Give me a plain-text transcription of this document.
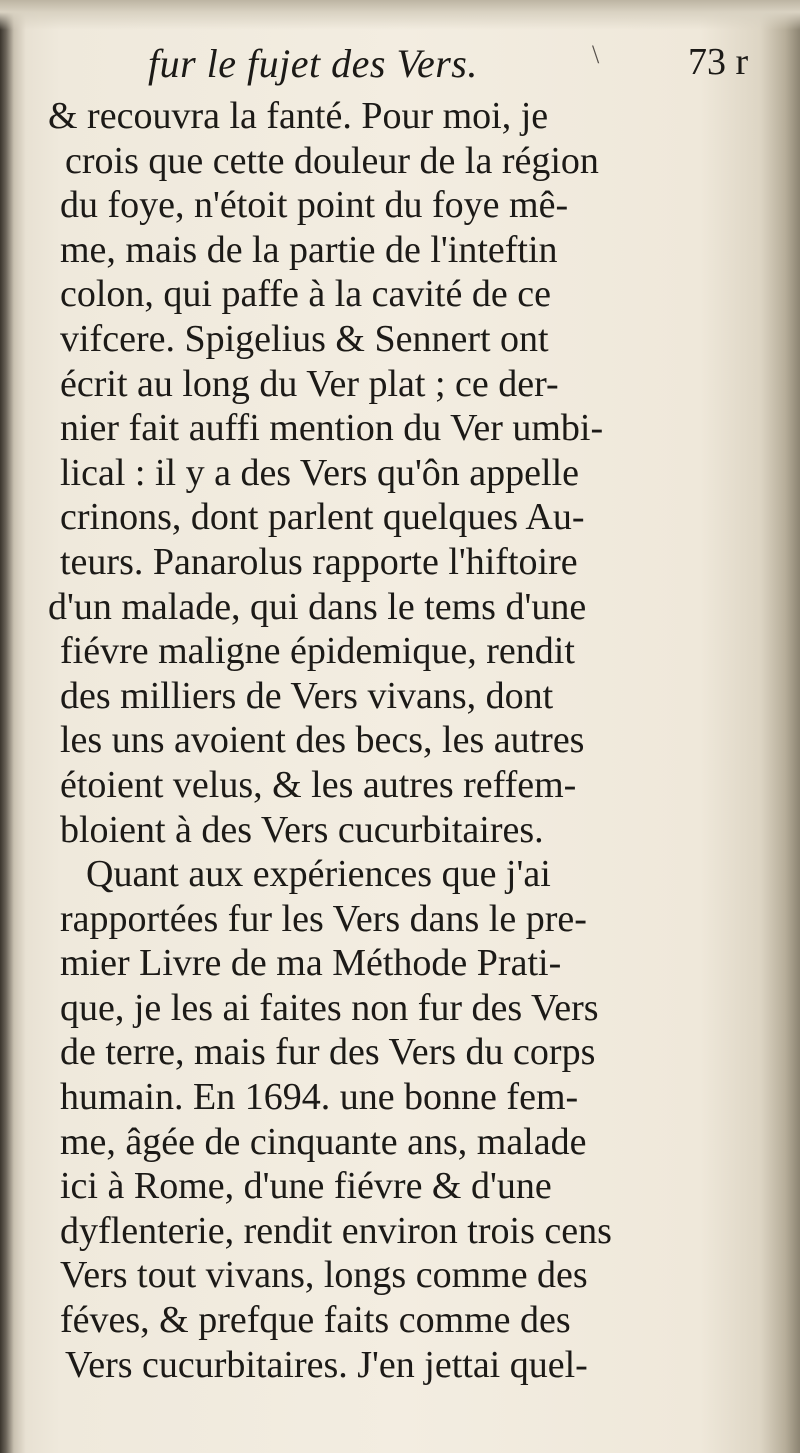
fur le fujet des Vers.	\ 73 r
& recouvra la fanté. Pour moi, je
crois que cette douleur de la région
du foye, n'étoit point du foye mê-
me, mais de la partie de l'inteftin
colon, qui paffe à la cavité de ce
vifcere. Spigelius & Sennert ont
écrit au long du Ver plat ; ce der-
nier fait auffi mention du Ver umbi-
lical : il y a des Vers qu'ôn appelle
crinons, dont parlent quelques Au-
teurs. Panarolus rapporte l'hiftoire
d'un malade, qui dans le tems d'une
fiévre maligne épidemique, rendit
des milliers de Vers vivans, dont
les uns avoient des becs, les autres
étoient velus, & les autres reffem-
bloient à des Vers cucurbitaires.
Quant aux expériences que j'ai
rapportées fur les Vers dans le pre-
mier Livre de ma Méthode Prati-
que, je les ai faites non fur des Vers
de terre, mais fur des Vers du corps
humain. En 1694. une bonne fem-
me, âgée de cinquante ans, malade
ici à Rome, d'une fiévre & d'une
dyflenterie, rendit environ trois cens
Vers tout vivans, longs comme des
féves, & prefque faits comme des
Vers cucurbitaires. J'en jettai quel-
